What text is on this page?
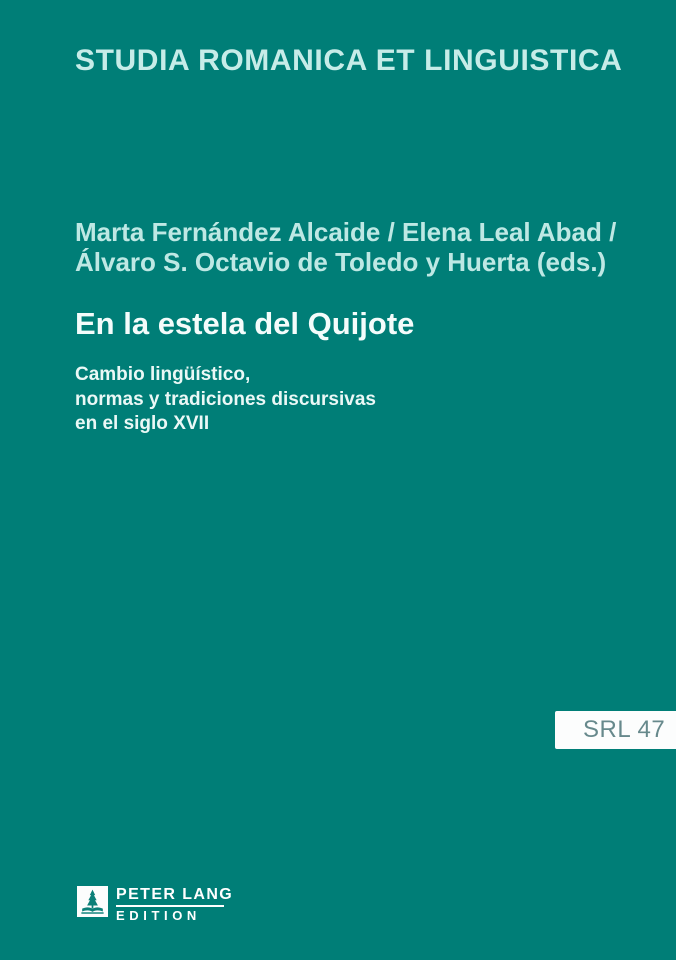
STUDIA ROMANICA ET LINGUISTICA
Marta Fernández Alcaide / Elena Leal Abad /
Álvaro S. Octavio de Toledo y Huerta (eds.)
En la estela del Quijote
Cambio lingüístico,
normas y tradiciones discursivas
en el siglo XVII
SRL 47
PETER LANG
EDITION
